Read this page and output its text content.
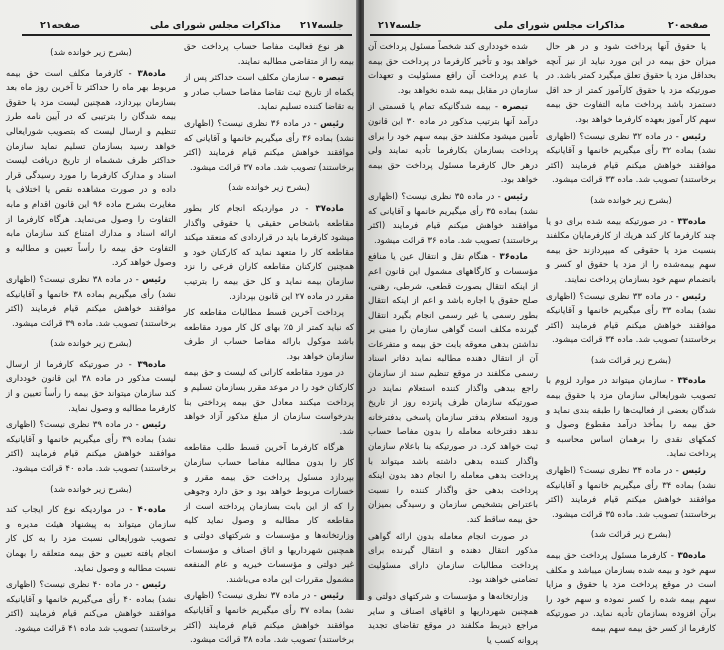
صفحه۲۱	مذاکرات مجلس شورای ملی جلسه۲۱۷

هر نوع فعالیت مفاصا حساب پرداخت حق بیمه را از متقاضی مطالبه نمایند.

تبصره - سازمان مکلف است حداکثر پس از یکماه از تاریخ ثبت تقاضا مفاصا حساب صادر و به تقاضا کننده تسلیم نماید.

رئیس - در ماده ۳۶ نظری نیست؟ (اظهاری نشد) بماده ۳۶ رأی میگیریم خانمها و آقایانی که موافقند خواهش میکنم قیام فرمایند (اکثر برخاستند) تصویب شد. ماده ۳۷ قرائت میشود.

(بشرح زیر خوانده شد)

ماده۳۷ - در مواردیکه انجام کار بطور مقاطعه باشخاص حقیقی یا حقوقی واگذار میشود کارفرما باید در قراردادی که منعقد میکند مقاطعه کار را متعهد نماید که کارکنان خود و همچنین کارکنان مقاطعه کاران فرعی را نزد سازمان بیمه نماید و کل حق بیمه را بترتیب مقرر در ماده ۲۷ این قانون بپردازد.

پرداخت آخرین قسط مطالبات مقاطعه کار که نباید کمتر از ۵٪ بهای کل کار مورد مقاطعه باشد موکول بارائه مفاصا حساب از طرف سازمان خواهد بود.

در مورد مقاطعه کارانی که لیست و حق بیمه کارکنان خود را در موعد مقرر بسازمان تسلیم و پرداخت میکنند معادل حق بیمه پرداختی بنا بدرخواست سازمان از مبلغ مذکور آزاد خواهد شد.

هرگاه کارفرما آخرین قسط طلب مقاطعه کار را بدون مطالبه مفاصا حساب سازمان بپردازد مسئول پرداخت حق بیمه مقرر و خسارات مربوط خواهد بود و حق دارد وجوهی را که از این بابت بسازمان پرداخته است از مقاطعه کار مطالبه و وصول نماید کلیه وزارتخانه‌ها و مؤسسات و شرکتهای دولتی و همچنین شهرداریها و اتاق اصناف و مؤسسات غیر دولتی و مؤسسات خیریه و عام المنفعه مشمول مقررات این ماده می‌باشند.

رئیس - در ماده ۳۷ نظری نیست؟ (اظهاری نشد) بماده ۳۷ رأی میگیریم خانمها و آقایانیکه موافقند خواهش میکنم قیام فرمایند (اکثر برخاستند) تصویب شد. ماده ۳۸ قرائت میشود.

(بشرح زیر خوانده شد)

ماده۳۸ - کارفرما مکلف است حق بیمه مربوط بهر ماه را حداکثر تا آخرین روز ماه بعد بسازمان بپردازد، همچنین لیست مزد یا حقوق بیمه شدگان را بترتیبی که در آیین نامه طرز تنظیم و ارسال لیست که بتصویب شورایعالی خواهد رسید بسازمان تسلیم نماید سازمان حداکثر ظرف ششماه از تاریخ دریافت لیست اسناد و مدارک کارفرما را مورد رسیدگی قرار داده و در صورت مشاهده نقص یا اختلاف یا مغایرت بشرح ماده ۹۶ این قانون اقدام و مابه التفاوت را وصول می‌نماید. هرگاه کارفرما از ارائه اسناد و مدارك امتناع کند سازمان مابه التفاوت حق بیمه را رأساً تعیین و مطالبه و وصول خواهد کرد.

رئیس - در ماده ۳۸ نظری نیست؟ (اظهاری نشد) رأی میگیریم بماده ۳۸ خانمها و آقایانیکه موافقند خواهش میکنم قیام فرمایند (اکثر برخاستند) تصویب شد. ماده ۳۹ قرائت میشود.

(بشرح زیر خوانده شد)

ماده۳۹ - در صورتیکه کارفرما از ارسال لیست مذکور در ماده ۳۸ این قانون خودداری کند سازمان میتواند حق بیمه را رأساً تعیین و از کارفرما مطالبه و وصول نماید.

رئیس - در ماده ۳۹ نظری نیست؟ (اظهاری نشد) بماده ۳۹ رأی میگیریم خانمها و آقایانیکه موافقند خواهش میکنم قیام فرمایند (اکثر برخاستند) تصویب شد. ماده ۴۰ قرائت میشود.

(بشرح زیر خوانده شد)

ماده۴۰ - در مواردیکه نوع کار ایجاب کند سازمان میتواند به پیشنهاد هیئت مدیره و تصویب شورایعالی نسبت مزد را به کل کار انجام یافته تعیین و حق بیمه متعلقه را بهمان نسبت مطالبه و وصول نماید.

رئیس - در ماده ۴۰ نظری نیست؟ (اظهاری نشد) بماده ۴۰ رأی می‌گیریم خانمها و آقایانیکه موافقند خواهش می‌کنم قیام فرمایند (اکثر برخاستند) تصویب شد ماده ۴۱ قرائت میشود.

جلسه۲۱۷	مذاکرات مجلس شورای ملی	صفحه۲۰

یا حقوق آنها پرداخت شود و در هر حال میزان حق بیمه در این مورد نباید از نیز آنچه بحداقل مزد یا حقوق تعلق میگیرد کمتر باشد. در صورتیکه مزد یا حقوق کارآموز کمتر از حد اقل دستمزد باشد پرداخت مابه التفاوت حق بیمه سهم کار آموز بعهده کارفرما خواهد بود.

رئیس - در ماده ۳۲ نظری نیست؟ (اظهاری نشد) بماده ۳۲ رأی میگیریم خانمها و آقایانیکه موافقند خواهش میکنم قیام فرمایند (اکثر برخاستند) تصویب شد. ماده ۳۳ قرائت میشود.

(بشرح زیر خوانده شد)

ماده۳۳ - در صورتیکه بیمه شده برای دو یا چند کارفرما کار کند هریك از کارفرمایان مکلفند بنسبت مزد یا حقوقی که میپردازند حق بیمه سهم بیمه‌شده را از مزد یا حقوق او کسر و بانضمام سهم خود بسازمان پرداخت نمایند.

رئیس - در ماده ۳۳ نظری نیست؟ (اظهاری نشد) بماده ۳۳ رأی میگیریم خانمها و آقایانیکه موافقند خواهش میکنم قیام فرمایند (اکثر برخاستند) تصویب شد. ماده ۳۴ قرائت میشود.

(بشرح زیر قرائت شد)

ماده۳۴ - سازمان میتواند در موارد لزوم با تصویب شورایعالی سازمان مزد یا حقوق بیمه شدگان بعضی از فعالیت‌ها را طبقه بندی نماید و حق بیمه را بمأخذ درآمد مقطوع وصول و کمکهای نقدی را برهمان اساس محاسبه و پرداخت نماید.

رئیس - در ماده ۳۴ نظری نیست؟ (اظهاری نشد) بماده ۳۴ رأی میگیریم خانمها و آقایانیکه موافقند خواهش میکنم قیام فرمایند (اکثر برخاستند) تصویب شد. ماده ۳۵ قرائت میشود.

(بشرح زیر قرائت شد)

ماده۳۵ - کارفرما مسئول پرداخت حق بیمه سهم خود و بیمه شده بسازمان میباشد و مکلف است در موقع پرداخت مزد یا حقوق و مزایا سهم بیمه شده را کسر نموده و سهم خود را برآن افزوده بسازمان تأدیه نماید. در صورتیکه کارفرما از کسر حق بیمه سهم بیمه

شده خودداری کند شخصاً مسئول پرداخت آن خواهد بود و تأخیر کارفرما در پرداخت حق بیمه یا عدم پرداخت آن رافع مسئولیت و تعهدات سازمان در مقابل بیمه شده نخواهد بود.

تبصره - بیمه شدگانیکه تمام یا قسمتی از درآمد آنها بترتیب مذکور در ماده ۳۰ این قانون تأمین میشود مکلفند حق بیمه سهم خود را برای پرداخت بسازمان بکارفرما تأدیه نمایند ولی درهر حال کارفرما مسئول پرداخت حق بیمه خواهد بود.

رئیس - در ماده ۳۵ نظری نیست؟ (اظهاری نشد) بماده ۳۵ رأی میگیریم خانمها و آقایانی که موافقند خواهش میکنم قیام فرمایند (اکثر برخاستند) تصویب شد. ماده ۳۶ قرائت میشود.

ماده۳۶ - هنگام نقل و انتقال عین یا منافع مؤسسات و کارگاههای مشمول این قانون اعم از اینکه انتقال بصورت قطعی، شرطی، رهنی، صلح حقوق یا اجاره باشد و اعم از اینکه انتقال بطور رسمی یا غیر رسمی انجام بگیرد انتقال گیرنده مکلف است گواهی سازمان را مبنی بر نداشتن بدهی معوقه بابت حق بیمه و متفرعات آن از انتقال دهنده مطالبه نماید دفاتر اسناد رسمی مکلفند در موقع تنظیم سند از سازمان راجع ببدهی واگذار کننده استعلام نمایند در صورتیکه سازمان ظرف پانزده روز از تاریخ ورود استعلام بدفتر سازمان پاسخی بدفترخانه ندهد دفترخانه معامله را بدون مفاصا حساب ثبت خواهد کرد. در صورتیکه بنا باعلام سازمان واگذار کننده بدهی داشته باشد میتواند با پرداخت بدهی معامله را انجام دهد بدون اینکه پرداخت بدهی حق واگذار کننده را نسبت باعتراض بتشخیص سازمان و رسیدگی بمیزان حق بیمه ساقط کند.

در صورت انجام معامله بدون ارائه گواهی مذکور انتقال دهنده و انتقال گیرنده برای پرداخت مطالبات سازمان دارای مسئولیت تضامنی خواهند بود.

وزارتخانه‌ها و مؤسسات و شرکتهای دولتی و همچنین شهرداریها و اتاقهای اصناف و سایر مراجع ذیربط مکلفند در موقع تقاضای تجدید پروانه کسب یا
